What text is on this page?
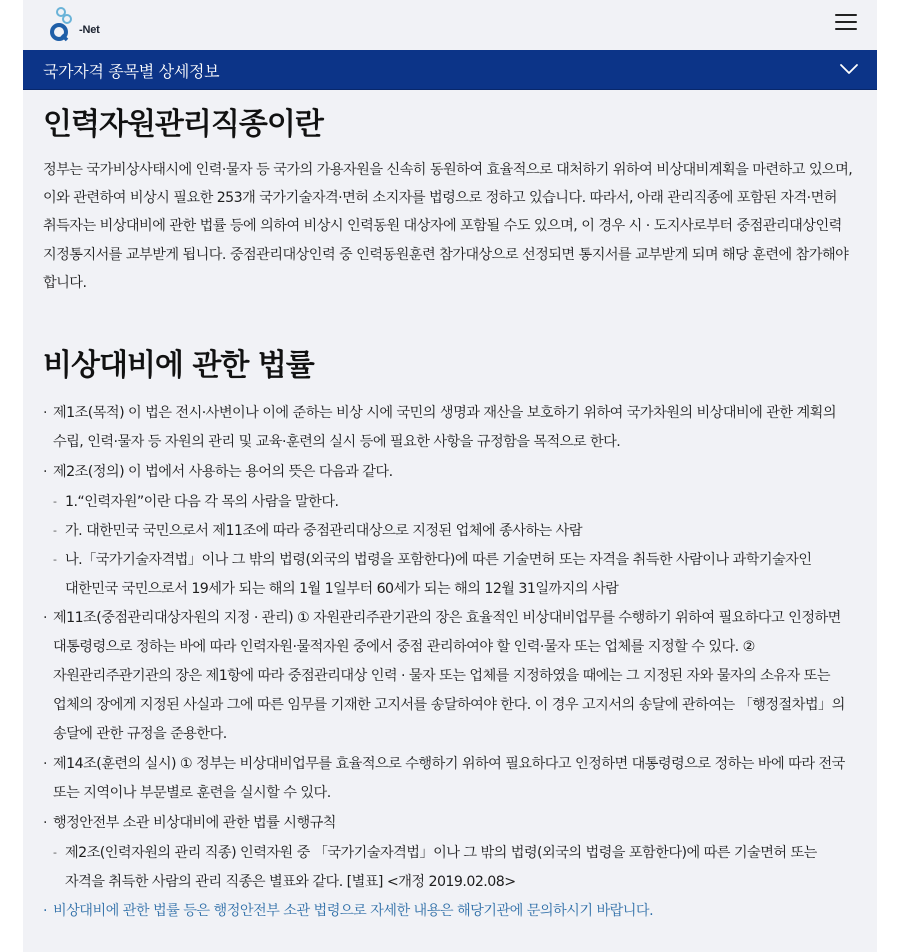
-Net
국가자격 종목별 상세정보
인력자원관리직종이란

정부는 국가비상사태시에 인력·물자 등 국가의 가용자원을 신속히 동원하여 효율적으로 대처하기 위하여 비상대비계획을 마련하고 있으며, 이와 관련하여 비상시 필요한 253개 국가기술자격·면허 소지자를 법령으로 정하고 있습니다. 따라서, 아래 관리직종에 포함된 자격·면허 취득자는 비상대비에 관한 법률 등에 의하여 비상시 인력동원 대상자에 포함될 수도 있으며, 이 경우 시 · 도지사로부터 중점관리대상인력 지정통지서를 교부받게 됩니다. 중점관리대상인력 중 인력동원훈련 참가대상으로 선정되면 통지서를 교부받게 되며 해당 훈련에 참가해야 합니다.

비상대비에 관한 법률
· 제1조(목적) 이 법은 전시·사변이나 이에 준하는 비상 시에 국민의 생명과 재산을 보호하기 위하여 국가차원의 비상대비에 관한 계획의 수립, 인력·물자 등 자원의 관리 및 교육·훈련의 실시 등에 필요한 사항을 규정함을 목적으로 한다.
· 제2조(정의) 이 법에서 사용하는 용어의 뜻은 다음과 같다.
- 1.“인력자원”이란 다음 각 목의 사람을 말한다.
- 가. 대한민국 국민으로서 제11조에 따라 중점관리대상으로 지정된 업체에 종사하는 사람
- 나.「국가기술자격법」이나 그 밖의 법령(외국의 법령을 포함한다)에 따른 기술면허 또는 자격을 취득한 사람이나 과학기술자인 대한민국 국민으로서 19세가 되는 해의 1월 1일부터 60세가 되는 해의 12월 31일까지의 사람
· 제11조(중점관리대상자원의 지정 · 관리) ① 자원관리주관기관의 장은 효율적인 비상대비업무를 수행하기 위하여 필요하다고 인정하면 대통령령으로 정하는 바에 따라 인력자원·물적자원 중에서 중점 관리하여야 할 인력·물자 또는 업체를 지정할 수 있다. ② 자원관리주관기관의 장은 제1항에 따라 중점관리대상 인력 · 물자 또는 업체를 지정하였을 때에는 그 지정된 자와 물자의 소유자 또는 업체의 장에게 지정된 사실과 그에 따른 임무를 기재한 고지서를 송달하여야 한다. 이 경우 고지서의 송달에 관하여는 「행정절차법」의 송달에 관한 규정을 준용한다.
· 제14조(훈련의 실시) ① 정부는 비상대비업무를 효율적으로 수행하기 위하여 필요하다고 인정하면 대통령령으로 정하는 바에 따라 전국 또는 지역이나 부문별로 훈련을 실시할 수 있다.
· 행정안전부 소관 비상대비에 관한 법률 시행규칙
- 제2조(인력자원의 관리 직종) 인력자원 중 「국가기술자격법」이나 그 밖의 법령(외국의 법령을 포함한다)에 따른 기술면허 또는 자격을 취득한 사람의 관리 직종은 별표와 같다. [별표] <개정 2019.02.08>
· 비상대비에 관한 법률 등은 행정안전부 소관 법령으로 자세한 내용은 해당기관에 문의하시기 바랍니다.
